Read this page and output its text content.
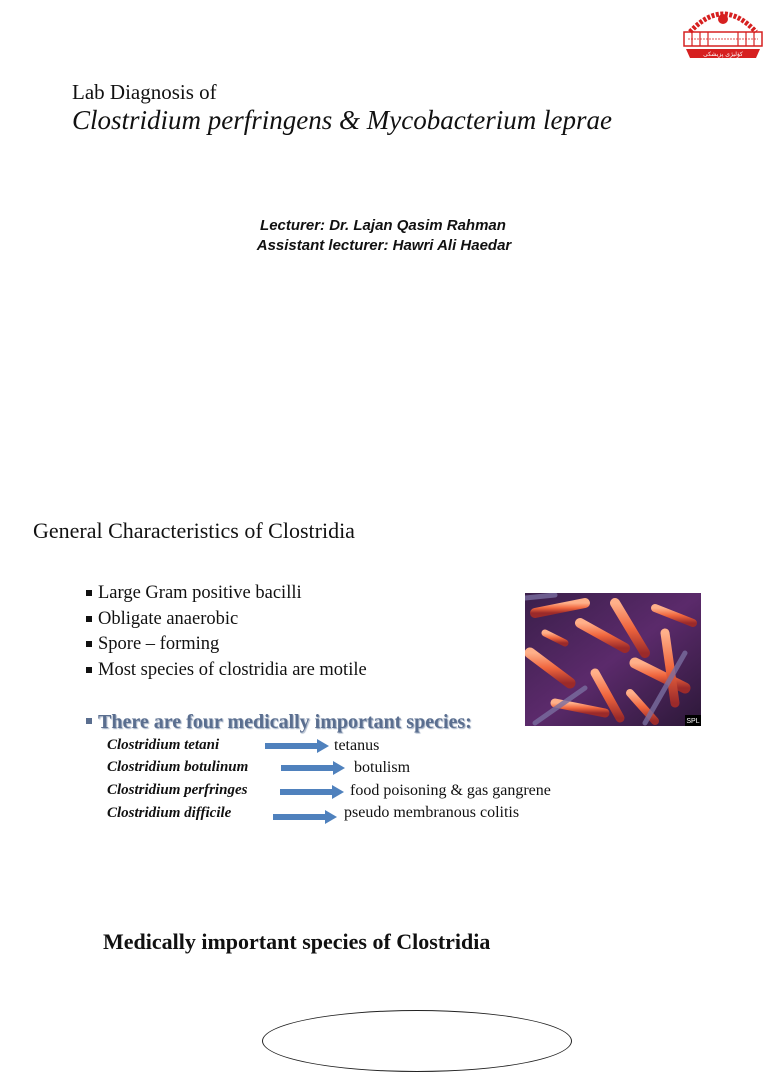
کۆلیژی پزیشکی
Lab Diagnosis of
Clostridium perfringens & Mycobacterium leprae
Lecturer: Dr. Lajan Qasim Rahman
Assistant lecturer: Hawri Ali Haedar
General Characteristics of Clostridia
Large Gram positive bacilli
Obligate anaerobic
Spore – forming
Most species of clostridia are motile
There are four medically important species:	SPL
Clostridium tetani	tetanus
Clostridium botulinum	botulism
Clostridium perfringes	food poisoning & gas gangrene
Clostridium difficile	pseudo membranous colitis
Medically important species of Clostridia
